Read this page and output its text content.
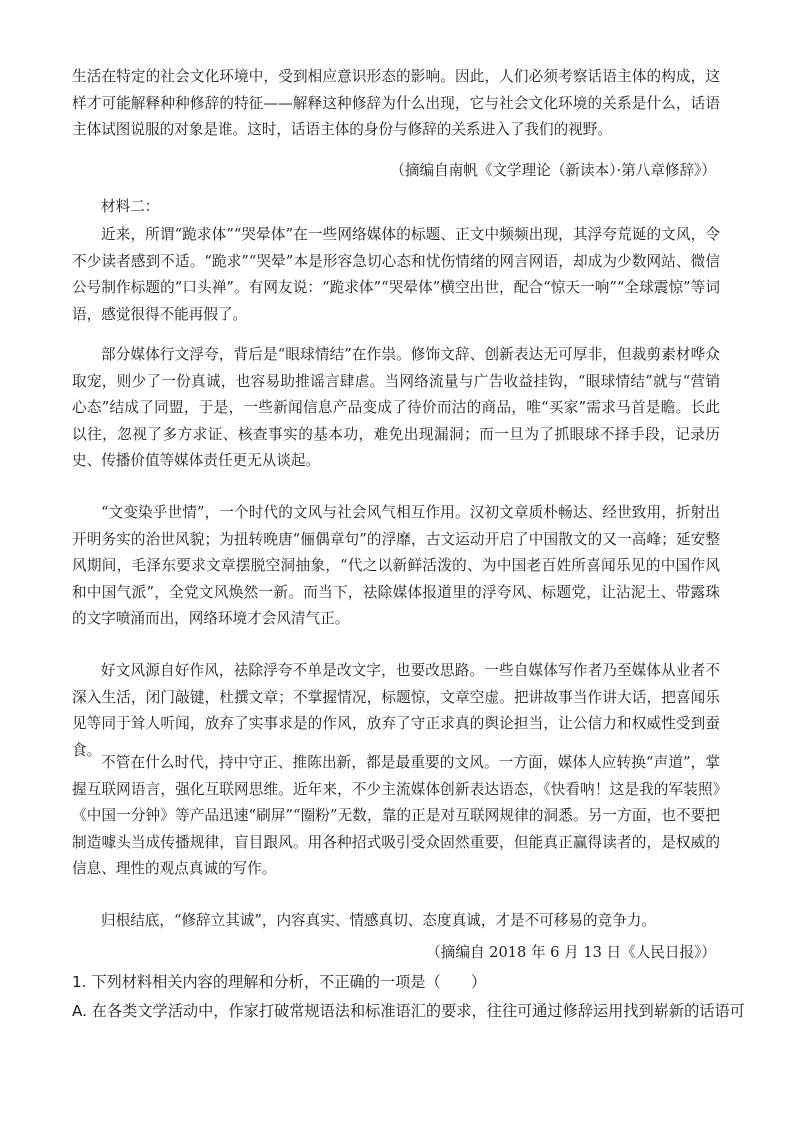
生活在特定的社会文化环境中，受到相应意识形态的影响。因此，人们必须考察话语主体的构成，这样才可能解释种种修辞的特征——解释这种修辞为什么出现，它与社会文化环境的关系是什么，话语主体试图说服的对象是谁。这时，话语主体的身份与修辞的关系进入了我们的视野。

（摘编自南帆《文学理论（新读本）·第八章修辞》）

材料二：

近来，所谓“跪求体”“哭晕体”在一些网络媒体的标题、正文中频频出现，其浮夸荒诞的文风，令不少读者感到不适。“跪求”“哭晕”本是形容急切心态和忧伤情绪的网言网语，却成为少数网站、微信公号制作标题的“口头禅”。有网友说：“跪求体”“哭晕体”横空出世，配合“惊天一响”“全球震惊”等词语，感觉很得不能再假了。

部分媒体行文浮夸，背后是“眼球情结”在作祟。修饰文辞、创新表达无可厚非，但裁剪素材哗众取宠，则少了一份真诚，也容易助推谣言肆虐。当网络流量与广告收益挂钩，“眼球情结”就与“营销心态”结成了同盟，于是，一些新闻信息产品变成了待价而沽的商品，唯“买家”需求马首是瞻。长此以往，忽视了多方求证、核查事实的基本功，难免出现漏洞；而一旦为了抓眼球不择手段，记录历史、传播价值等媒体责任更无从谈起。

“文变染乎世情”，一个时代的文风与社会风气相互作用。汉初文章质朴畅达、经世致用，折射出开明务实的治世风貌；为扭转晚唐“俪偶章句”的浮靡，古文运动开启了中国散文的又一高峰；延安整风期间，毛泽东要求文章摆脱空洞抽象，“代之以新鲜活泼的、为中国老百姓所喜闻乐见的中国作风和中国气派”，全党文风焕然一新。而当下，祛除媒体报道里的浮夸风、标题党，让沾泥土、带露珠的文字喷涌而出，网络环境才会风清气正。

好文风源自好作风，祛除浮夸不单是改文字，也要改思路。一些自媒体写作者乃至媒体从业者不深入生活，闭门敲键，杜撰文章；不掌握情况，标题惊，文章空虚。把讲故事当作讲大话，把喜闻乐见等同于耸人听闻，放弃了实事求是的作风，放弃了守正求真的舆论担当，让公信力和权威性受到蚕食。

不管在什么时代，持中守正、推陈出新，都是最重要的文风。一方面，媒体人应转换“声道”，掌握互联网语言，强化互联网思维。近年来，不少主流媒体创新表达语态，《快看呐！这是我的军装照》《中国一分钟》等产品迅速“刷屏”“圈粉”无数，靠的正是对互联网规律的洞悉。另一方面，也不要把制造噱头当成传播规律，盲目跟风。用各种招式吸引受众固然重要，但能真正赢得读者的，是权威的信息、理性的观点真诚的写作。

归根结底，“修辞立其诚”，内容真实、情感真切、态度真诚，才是不可移易的竞争力。

（摘编自 2018 年 6 月 13 日《人民日报》）

1. 下列材料相关内容的理解和分析，不正确的一项是（　　）

A. 在各类文学活动中，作家打破常规语法和标准语汇的要求，往往可通过修辞运用找到崭新的话语可
